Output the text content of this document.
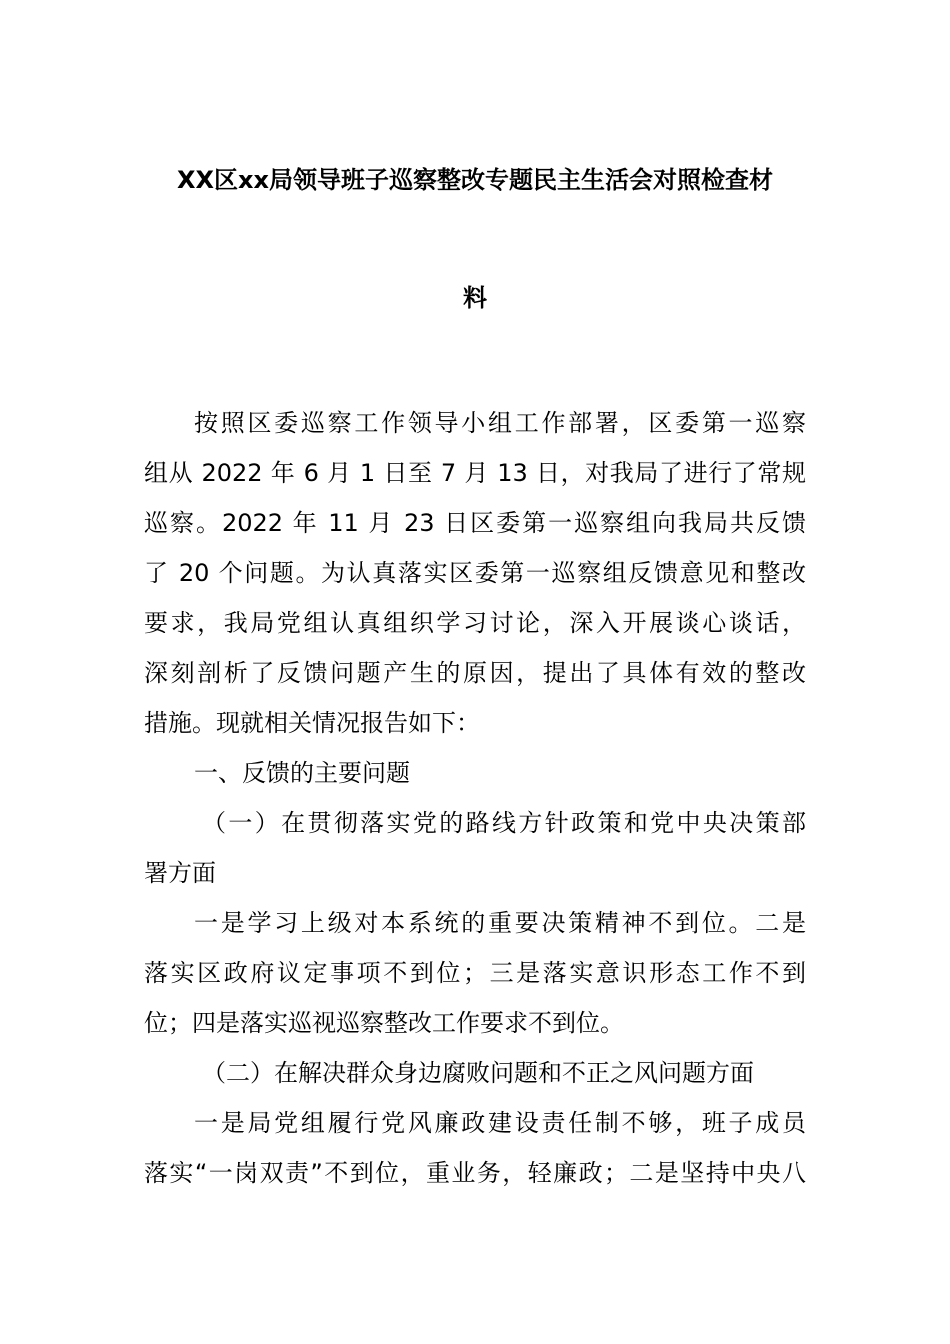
XX区xx局领导班子巡察整改专题民主生活会对照检查材
料
按照区委巡察工作领导小组工作部署，区委第一巡察
组从 2022 年 6 月 1 日至 7 月 13 日，对我局了进行了常规
巡察。2022 年 11 月 23 日区委第一巡察组向我局共反馈
了 20 个问题。为认真落实区委第一巡察组反馈意见和整改
要求，我局党组认真组织学习讨论，深入开展谈心谈话，
深刻剖析了反馈问题产生的原因，提出了具体有效的整改
措施。现就相关情况报告如下：
一、反馈的主要问题
（一）在贯彻落实党的路线方针政策和党中央决策部
署方面
一是学习上级对本系统的重要决策精神不到位。二是
落实区政府议定事项不到位；三是落实意识形态工作不到
位；四是落实巡视巡察整改工作要求不到位。
（二）在解决群众身边腐败问题和不正之风问题方面
一是局党组履行党风廉政建设责任制不够，班子成员
落实“一岗双责”不到位，重业务，轻廉政；二是坚持中央八
